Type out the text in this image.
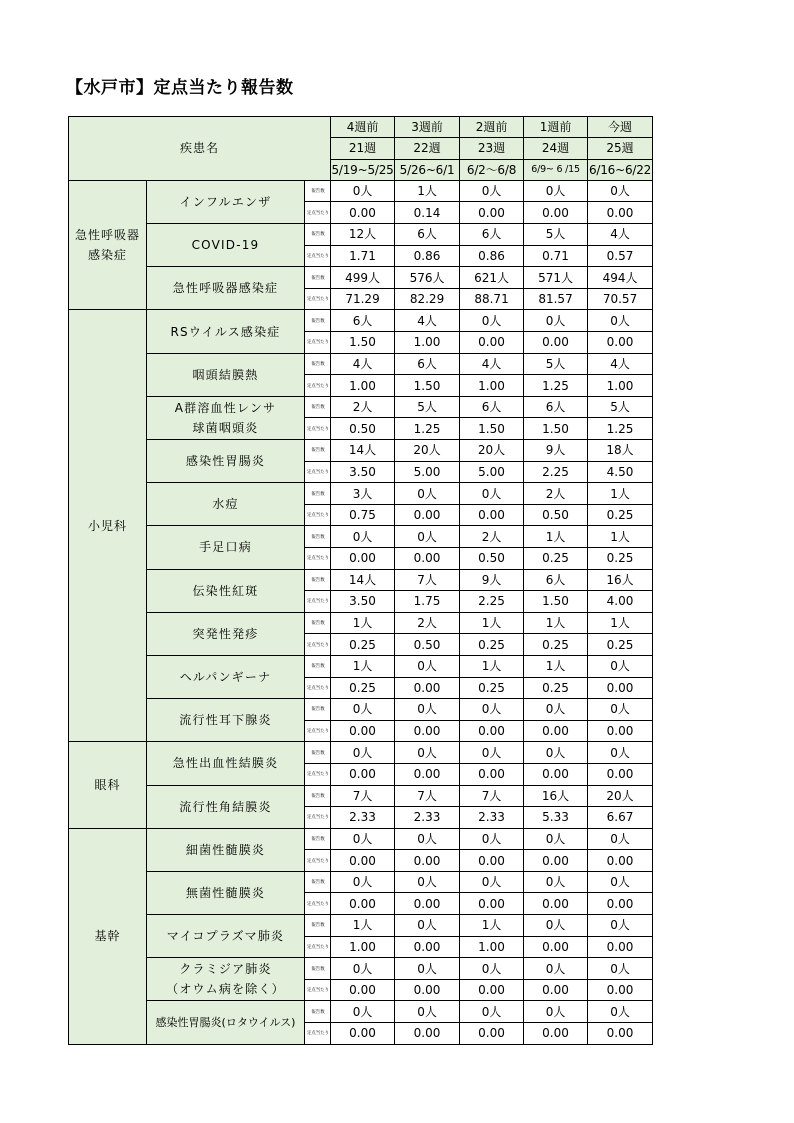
【水戸市】定点当たり報告数
疾患名			4週前	3週前	2週前	1週前	今週
			21週	22週	23週	24週	25週
			5/19~5/25	5/26~6/1	6/2〜6/8	6/9~ 6 /15	6/16~6/22

急性呼吸器
感染症	インフルエンザ	報告数	0人	1人	0人	0人	0人

		定点当たり	0.00	0.14	0.00	0.00	0.00

	COVID-19	報告数	12人	6人	6人	5人	4人

		定点当たり	1.71	0.86	0.86	0.71	0.57

	急性呼吸器感染症	報告数	499人	576人	621人	571人	494人

		定点当たり	71.29	82.29	88.71	81.57	70.57

小児科	RSウイルス感染症	報告数	6人	4人	0人	0人	0人

		定点当たり	1.50	1.00	0.00	0.00	0.00

	咽頭結膜熱	報告数	4人	6人	4人	5人	4人

		定点当たり	1.00	1.50	1.00	1.25	1.00

	A群溶血性レンサ
球菌咽頭炎	報告数	2人	5人	6人	6人	5人

		定点当たり	0.50	1.25	1.50	1.50	1.25

	感染性胃腸炎	報告数	14人	20人	20人	9人	18人

		定点当たり	3.50	5.00	5.00	2.25	4.50

	水痘	報告数	3人	0人	0人	2人	1人

		定点当たり	0.75	0.00	0.00	0.50	0.25

	手足口病	報告数	0人	0人	2人	1人	1人

		定点当たり	0.00	0.00	0.50	0.25	0.25

	伝染性紅斑	報告数	14人	7人	9人	6人	16人

		定点当たり	3.50	1.75	2.25	1.50	4.00

	突発性発疹	報告数	1人	2人	1人	1人	1人

		定点当たり	0.25	0.50	0.25	0.25	0.25

	ヘルパンギーナ	報告数	1人	0人	1人	1人	0人

		定点当たり	0.25	0.00	0.25	0.25	0.00

	流行性耳下腺炎	報告数	0人	0人	0人	0人	0人

		定点当たり	0.00	0.00	0.00	0.00	0.00

眼科	急性出血性結膜炎	報告数	0人	0人	0人	0人	0人

		定点当たり	0.00	0.00	0.00	0.00	0.00

	流行性角結膜炎	報告数	7人	7人	7人	16人	20人

		定点当たり	2.33	2.33	2.33	5.33	6.67

基幹	細菌性髄膜炎	報告数	0人	0人	0人	0人	0人

		定点当たり	0.00	0.00	0.00	0.00	0.00

	無菌性髄膜炎	報告数	0人	0人	0人	0人	0人

		定点当たり	0.00	0.00	0.00	0.00	0.00

	マイコプラズマ肺炎	報告数	1人	0人	1人	0人	0人

		定点当たり	1.00	0.00	1.00	0.00	0.00

	クラミジア肺炎
（オウム病を除く）	報告数	0人	0人	0人	0人	0人

		定点当たり	0.00	0.00	0.00	0.00	0.00

	感染性胃腸炎(ロタウイルス)	報告数	0人	0人	0人	0人	0人

		定点当たり	0.00	0.00	0.00	0.00	0.00
